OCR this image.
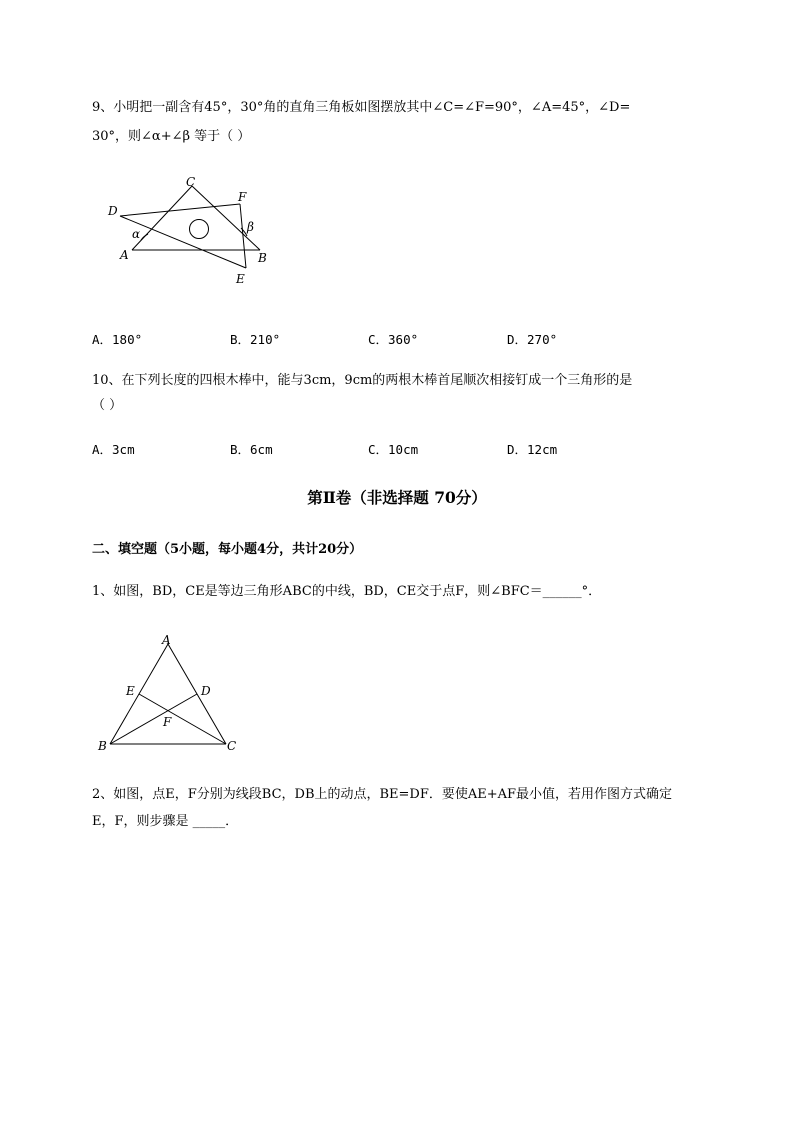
9、小明把一副含有45°，30°角的直角三角板如图摆放其中∠C=∠F=90°，∠A=45°，∠D=
30°，则∠α+∠β 等于（ ）
C
F
D
A	B
E
α	β
A．180°	B．210°	C．360°	D．270°
10、在下列长度的四根木棒中，能与3cm，9cm的两根木棒首尾顺次相接钉成一个三角形的是
（ ）
A．3cm	B．6cm	C．10cm	D．12cm
第Ⅱ卷（非选择题 70分）
二、填空题（5小题，每小题4分，共计20分）
1、如图，BD，CE是等边三角形ABC的中线，BD，CE交于点F，则∠BFC＝______°．
A
E	D
F
B	C
2、如图，点E，F分别为线段BC，DB上的动点，BE=DF．要使AE+AF最小值，若用作图方式确定
E，F，则步骤是 _____．
